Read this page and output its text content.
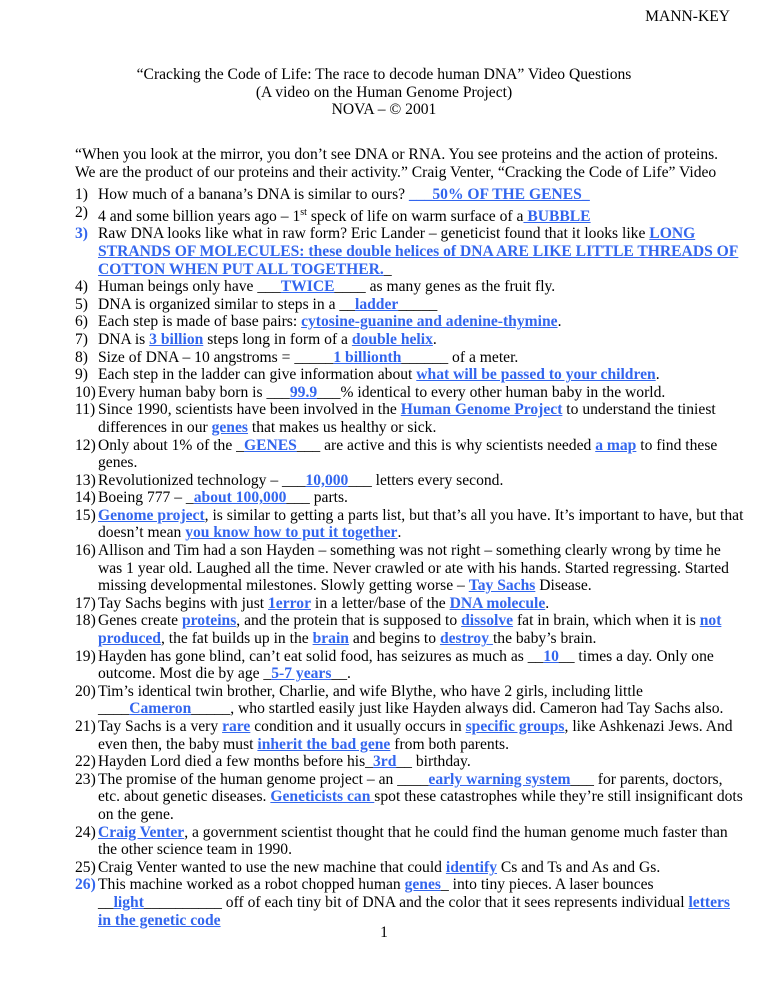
MANN-KEY
“Cracking the Code of Life: The race to decode human DNA” Video Questions
(A video on the Human Genome Project)
NOVA – © 2001
“When you look at the mirror, you don’t see DNA or RNA. You see proteins and the action of proteins. We are the product of our proteins and their activity.” Craig Venter, “Cracking the Code of Life” Video
1) How much of a banana’s DNA is similar to ours? ___50% OF THE GENES_
2) 4 and some billion years ago – 1st speck of life on warm surface of a BUBBLE
3) Raw DNA looks like what in raw form? Eric Lander – geneticist found that it looks like LONG STRANDS OF MOLECULES: these double helices of DNA ARE LIKE LITTLE THREADS OF COTTON WHEN PUT ALL TOGETHER._
4) Human beings only have ___TWICE____ as many genes as the fruit fly.
5) DNA is organized similar to steps in a __ladder_____
6) Each step is made of base pairs: cytosine-guanine and adenine-thymine.
7) DNA is 3 billion steps long in form of a double helix.
8) Size of DNA – 10 angstroms = _____1 billionth______ of a meter.
9) Each step in the ladder can give information about what will be passed to your children.
10) Every human baby born is ___99.9___% identical to every other human baby in the world.
11) Since 1990, scientists have been involved in the Human Genome Project to understand the tiniest differences in our genes that makes us healthy or sick.
12) Only about 1% of the _GENES___ are active and this is why scientists needed a map to find these genes.
13) Revolutionized technology – ___10,000___ letters every second.
14) Boeing 777 – _about 100,000___ parts.
15) Genome project, is similar to getting a parts list, but that’s all you have. It’s important to have, but that doesn’t mean you know how to put it together.
16) Allison and Tim had a son Hayden – something was not right – something clearly wrong by time he was 1 year old. Laughed all the time. Never crawled or ate with his hands. Started regressing. Started missing developmental milestones. Slowly getting worse – Tay Sachs Disease.
17) Tay Sachs begins with just 1error in a letter/base of the DNA molecule.
18) Genes create proteins, and the protein that is supposed to dissolve fat in brain, which when it is not produced, the fat builds up in the brain and begins to destroy the baby’s brain.
19) Hayden has gone blind, can’t eat solid food, has seizures as much as __10__ times a day. Only one outcome. Most die by age _5-7 years__.
20) Tim’s identical twin brother, Charlie, and wife Blythe, who have 2 girls, including little ____Cameron_____, who startled easily just like Hayden always did. Cameron had Tay Sachs also.
21) Tay Sachs is a very rare condition and it usually occurs in specific groups, like Ashkenazi Jews. And even then, the baby must inherit the bad gene from both parents.
22) Hayden Lord died a few months before his_3rd__ birthday.
23) The promise of the human genome project – an ____early warning system___ for parents, doctors, etc. about genetic diseases. Geneticists can spot these catastrophes while they’re still insignificant dots on the gene.
24) Craig Venter, a government scientist thought that he could find the human genome much faster than the other science team in 1990.
25) Craig Venter wanted to use the new machine that could identify Cs and Ts and As and Gs.
26) This machine worked as a robot chopped human genes_ into tiny pieces. A laser bounces __light__________ off of each tiny bit of DNA and the color that it sees represents individual letters in the genetic code
1
